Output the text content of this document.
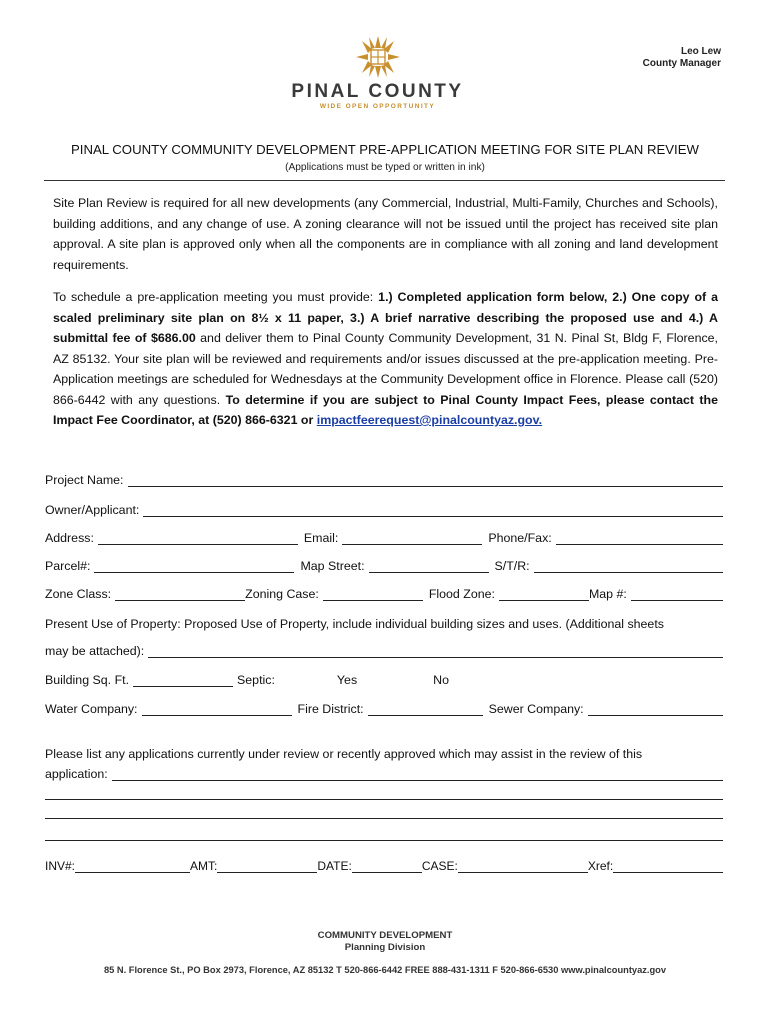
Leo Lew
County Manager
PINAL COUNTY
WIDE OPEN OPPORTUNITY
PINAL COUNTY COMMUNITY DEVELOPMENT PRE-APPLICATION MEETING FOR SITE PLAN REVIEW
(Applications must be typed or written in ink)

Site Plan Review is required for all new developments (any Commercial, Industrial, Multi-Family, Churches and Schools), building additions, and any change of use. A zoning clearance will not be issued until the project has received site plan approval. A site plan is approved only when all the components are in compliance with all zoning and land development requirements.

To schedule a pre-application meeting you must provide: 1.) Completed application form below, 2.) One copy of a scaled preliminary site plan on 8½ x 11 paper, 3.) A brief narrative describing the proposed use and 4.) A submittal fee of $686.00 and deliver them to Pinal County Community Development, 31 N. Pinal St, Bldg F, Florence, AZ 85132. Your site plan will be reviewed and requirements and/or issues discussed at the pre-application meeting. Pre- Application meetings are scheduled for Wednesdays at the Community Development office in Florence. Please call (520) 866-6442 with any questions. To determine if you are subject to Pinal County Impact Fees, please contact the Impact Fee Coordinator, at (520) 866-6321 or impactfeerequest@pinalcountyaz.gov.

Project Name:
Owner/Applicant:
Address:	Email:	Phone/Fax:
Parcel#:	Map Street:	S/T/R:
Zone Class:	Zoning Case:	Flood Zone:	Map #:
Present Use of Property: Proposed Use of Property, include individual building sizes and uses. (Additional sheets
may be attached):
Building Sq. Ft.	Septic:	Yes	No
Water Company:	Fire District:	Sewer Company:
Please list any applications currently under review or recently approved which may assist in the review of this
application:
INV#:	AMT:	DATE:	CASE:	Xref:
COMMUNITY DEVELOPMENT
Planning Division
85 N. Florence St., PO Box 2973, Florence, AZ 85132 T 520-866-6442 FREE 888-431-1311 F 520-866-6530 www.pinalcountyaz.gov
